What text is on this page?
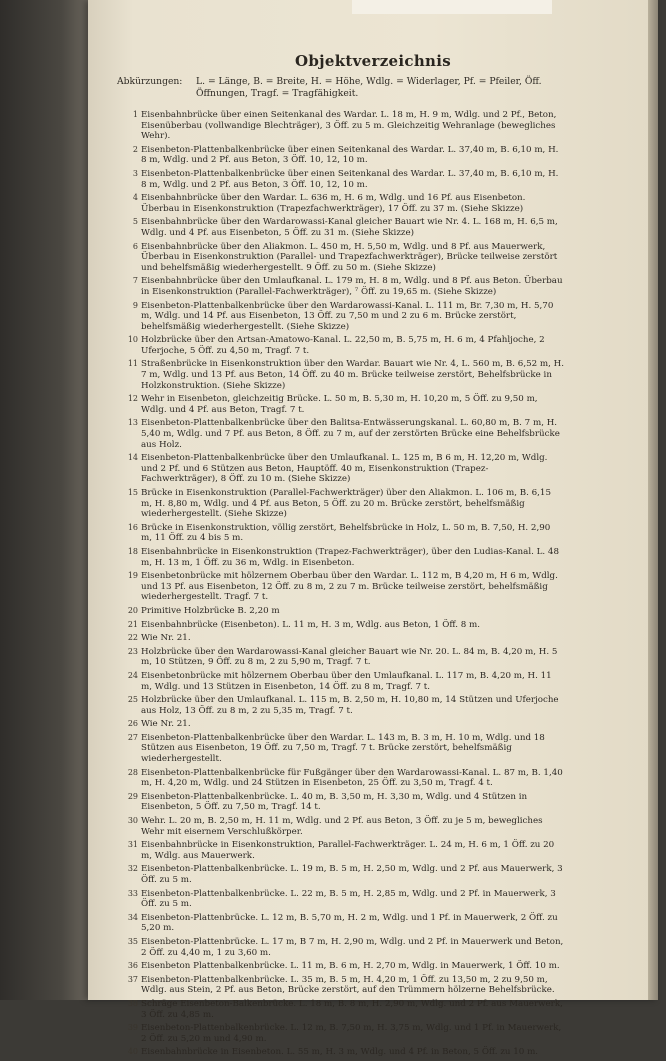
Objektverzeichnis
Abkürzungen: L. = Länge, B. = Breite, H. = Höhe, Wdlg. = Widerlager, Pf. = Pfeiler, Öff. Öffnungen, Tragf. = Tragfähigkeit.
1 Eisenbahnbrücke über einen Seitenkanal des Wardar. L. 18 m, H. 9 m, Wdlg. und 2 Pf., Beton, Eisenüberbau (vollwandige Blechträger), 3 Öff. zu 5 m. Gleichzeitig Wehranlage (bewegliches Wehr).
2 Eisenbeton-Plattenbalkenbrücke über einen Seitenkanal des Wardar. L. 37,40 m, B. 6,10 m, H. 8 m, Wdlg. und 2 Pf. aus Beton, 3 Öff. 10, 12, 10 m.
3 Eisenbeton-Plattenbalkenbrücke über einen Seitenkanal des Wardar. L. 37,40 m, B. 6,10 m, H. 8 m, Wdlg. und 2 Pf. aus Beton, 3 Öff. 10, 12, 10 m.
4 Eisenbahnbrücke über den Wardar. L. 636 m, H. 6 m, Wdlg. und 16 Pf. aus Eisenbeton. Überbau in Eisenkonstruktion (Trapezfachwerkträger), 17 Öff. zu 37 m. (Siehe Skizze)
5 Eisenbahnbrücke über den Wardarowassi-Kanal gleicher Bauart wie Nr. 4. L. 168 m, H. 6,5 m, Wdlg. und 4 Pf. aus Eisenbeton, 5 Öff. zu 31 m. (Siehe Skizze)
6 Eisenbahnbrücke über den Aliakmon. L. 450 m, H. 5,50 m, Wdlg. und 8 Pf. aus Mauerwerk, Überbau in Eisenkonstruktion (Parallel- und Trapezfachwerkträger), Brücke teilweise zerstört und behelfsmäßig wiederhergestellt. 9 Öff. zu 50 m. (Siehe Skizze)
7 Eisenbahnbrücke über den Umlaufkanal. L. 179 m, H. 8 m, Wdlg. und 8 Pf. aus Beton. Überbau in Eisenkonstruktion (Parallel-Fachwerkträger), ⁷ Öff. zu 19,65 m. (Siehe Skizze)
9 Eisenbeton-Plattenbalkenbrücke über den Wardarowassi-Kanal. L. 111 m, Br. 7,30 m, H. 5,70 m, Wdlg. und 14 Pf. aus Eisenbeton, 13 Öff. zu 7,50 m und 2 zu 6 m. Brücke zerstört, behelfsmäßig wiederhergestellt. (Siehe Skizze)
10 Holzbrücke über den Artsan-Amatowo-Kanal. L. 22,50 m, B. 5,75 m, H. 6 m, 4 Pfahljoche, 2 Uferjoche, 5 Öff. zu 4,50 m, Tragf. 7 t.
11 Straßenbrücke in Eisenkonstruktion über den Wardar. Bauart wie Nr. 4, L. 560 m, B. 6,52 m, H. 7 m, Wdlg. und 13 Pf. aus Beton, 14 Öff. zu 40 m. Brücke teilweise zerstört, Behelfsbrücke in Holzkonstruktion. (Siehe Skizze)
12 Wehr in Eisenbeton, gleichzeitig Brücke. L. 50 m, B. 5,30 m, H. 10,20 m, 5 Öff. zu 9,50 m, Wdlg. und 4 Pf. aus Beton, Tragf. 7 t.
13 Eisenbeton-Plattenbalkenbrücke über den Balitsa-Entwässerungskanal. L. 60,80 m, B. 7 m, H. 5,40 m, Wdlg. und 7 Pf. aus Beton, 8 Öff. zu 7 m, auf der zerstörten Brücke eine Behelfsbrücke aus Holz.
14 Eisenbeton-Plattenbalkenbrücke über den Umlaufkanal. L. 125 m, B 6 m, H. 12,20 m, Wdlg. und 2 Pf. und 6 Stützen aus Beton, Hauptöff. 40 m, Eisenkonstruktion (Trapez-Fachwerkträger), 8 Öff. zu 10 m. (Siehe Skizze)
15 Brücke in Eisenkonstruktion (Parallel-Fachwerkträger) über den Aliakmon. L. 106 m, B. 6,15 m, H. 8,80 m, Wdlg. und 4 Pf. aus Beton, 5 Öff. zu 20 m. Brücke zerstört, behelfsmäßig wiederhergestellt. (Siehe Skizze)
16 Brücke in Eisenkonstruktion, völlig zerstört, Behelfsbrücke in Holz, L. 50 m, B. 7,50, H. 2,90 m, 11 Öff. zu 4 bis 5 m.
18 Eisenbahnbrücke in Eisenkonstruktion (Trapez-Fachwerkträger), über den Ludias-Kanal. L. 48 m, H. 13 m, 1 Öff. zu 36 m, Wdlg. in Eisenbeton.
19 Eisenbetonbrücke mit hölzernem Oberbau über den Wardar. L. 112 m, B 4,20 m, H 6 m, Wdlg. und 13 Pf. aus Eisenbeton, 12 Öff. zu 8 m, 2 zu 7 m. Brücke teilweise zerstört, behelfsmäßig wiederhergestellt. Tragf. 7 t.
20 Primitive Holzbrücke B. 2,20 m
21 Eisenbahnbrücke (Eisenbeton). L. 11 m, H. 3 m, Wdlg. aus Beton, 1 Öff. 8 m.
22 Wie Nr. 21.
23 Holzbrücke über den Wardarowassi-Kanal gleicher Bauart wie Nr. 20. L. 84 m, B. 4,20 m, H. 5 m, 10 Stützen, 9 Öff. zu 8 m, 2 zu 5,90 m, Tragf. 7 t.
24 Eisenbetonbrücke mit hölzernem Oberbau über den Umlaufkanal. L. 117 m, B. 4,20 m, H. 11 m, Wdlg. und 13 Stützen in Eisenbeton, 14 Öff. zu 8 m, Tragf. 7 t.
25 Holzbrücke über den Umlaufkanal. L. 115 m, B. 2,50 m, H. 10,80 m, 14 Stützen und Uferjoche aus Holz, 13 Öff. zu 8 m, 2 zu 5,35 m, Tragf. 7 t.
26 Wie Nr. 21.
27 Eisenbeton-Plattenbalkenbrücke über den Wardar. L. 143 m, B. 3 m, H. 10 m, Wdlg. und 18 Stützen aus Eisenbeton, 19 Öff. zu 7,50 m, Tragf. 7 t. Brücke zerstört, behelfsmäßig wiederhergestellt.
28 Eisenbeton-Plattenbalkenbrücke für Fußgänger über den Wardarowassi-Kanal. L. 87 m, B. 1,40 m, H. 4,20 m, Wdlg. und 24 Stützen in Eisenbeton, 25 Öff. zu 3,50 m, Tragf. 4 t.
29 Eisenbeton-Plattenbalkenbrücke. L. 40 m, B. 3,50 m, H. 3,30 m, Wdlg. und 4 Stützen in Eisenbeton, 5 Öff. zu 7,50 m, Tragf. 14 t.
30 Wehr. L. 20 m, B. 2,50 m, H. 11 m, Wdlg. und 2 Pf. aus Beton, 3 Öff. zu je 5 m, bewegliches Wehr mit eisernem Verschlußkörper.
31 Eisenbahnbrücke in Eisenkonstruktion, Parallel-Fachwerkträger. L. 24 m, H. 6 m, 1 Öff. zu 20 m, Wdlg. aus Mauerwerk.
32 Eisenbeton-Plattenbalkenbrücke. L. 19 m, B. 5 m, H. 2,50 m, Wdlg. und 2 Pf. aus Mauerwerk, 3 Öff. zu 5 m.
33 Eisenbeton-Plattenbalkenbrücke. L. 22 m, B. 5 m, H. 2,85 m, Wdlg. und 2 Pf. in Mauerwerk, 3 Öff. zu 5 m.
34 Eisenbeton-Plattenbrücke. L. 12 m, B. 5,70 m, H. 2 m, Wdlg. und 1 Pf. in Mauerwerk, 2 Öff. zu 5,20 m.
35 Eisenbeton-Plattenbrücke. L. 17 m, B 7 m, H. 2,90 m, Wdlg. und 2 Pf. in Mauerwerk und Beton, 2 Öff. zu 4,40 m, 1 zu 3,60 m.
36 Eisenbeton Plattenbalkenbrücke. L. 11 m, B. 6 m, H. 2,70 m, Wdlg. in Mauerwerk, 1 Öff. 10 m.
37 Eisenbeton-Plattenbalkenbrücke. L. 35 m, B. 5 m, H. 4,20 m, 1 Öff. zu 13,50 m, 2 zu 9,50 m, Wdlg. aus Stein, 2 Pf. aus Beton, Brücke zerstört, auf den Trümmern hölzerne Behelfsbrücke.
38 Schräge Eisenbeton-Balkenbrücke. L. 18 m, B. 8 m, H. 2,90 m, Wdlg. und 2 Pf. aus Mauerwerk, 3 Öff. zu 4,85 m.
39 Eisenbeton-Plattenbalkenbrücke. L. 12 m, B. 7,50 m, H. 3,75 m, Wdlg. und 1 Pf. in Mauerwerk, 2 Öff. zu 5,20 m und 4,90 m.
40 Eisenbahnbrücke in Eisenbeton. L. 55 m, H. 3 m, Wdlg. und 4 Pf. in Beton, 5 Öff. zu 10 m.
